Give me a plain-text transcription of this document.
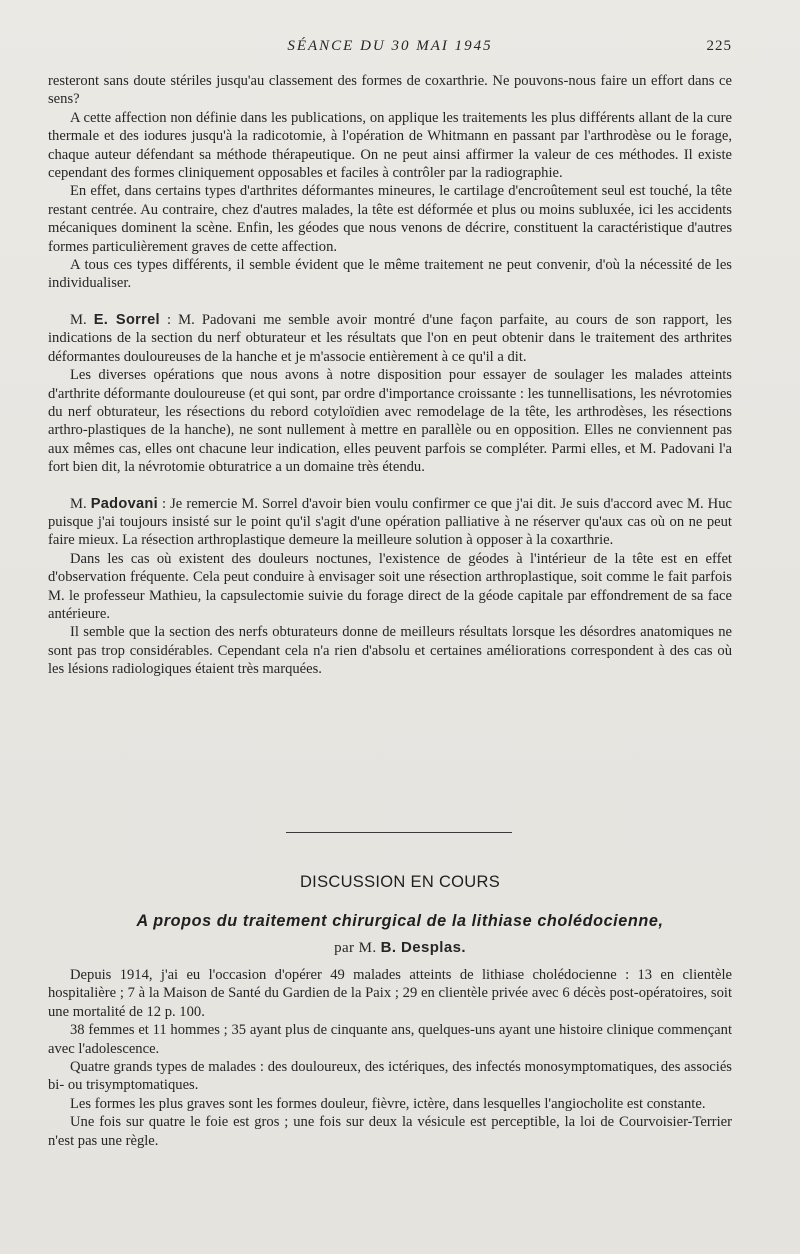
SÉANCE DU 30 MAI 1945	225

resteront sans doute stériles jusqu'au classement des formes de coxarthrie. Ne pouvons-nous faire un effort dans ce sens?

A cette affection non définie dans les publications, on applique les traitements les plus différents allant de la cure thermale et des iodures jusqu'à la radicotomie, à l'opération de Whitmann en passant par l'arthrodèse ou le forage, chaque auteur défendant sa méthode thérapeutique. On ne peut ainsi affirmer la valeur de ces méthodes. Il existe cependant des formes cliniquement opposables et faciles à contrôler par la radiographie.

En effet, dans certains types d'arthrites déformantes mineures, le cartilage d'encroûtement seul est touché, la tête restant centrée. Au contraire, chez d'autres malades, la tête est déformée et plus ou moins subluxée, ici les accidents mécaniques dominent la scène. Enfin, les géodes que nous venons de décrire, constituent la caractéristique d'autres formes particulièrement graves de cette affection.

A tous ces types différents, il semble évident que le même traitement ne peut convenir, d'où la nécessité de les individualiser.

M. E. Sorrel : M. Padovani me semble avoir montré d'une façon parfaite, au cours de son rapport, les indications de la section du nerf obturateur et les résultats que l'on en peut obtenir dans le traitement des arthrites déformantes douloureuses de la hanche et je m'associe entièrement à ce qu'il a dit.

Les diverses opérations que nous avons à notre disposition pour essayer de soulager les malades atteints d'arthrite déformante douloureuse (et qui sont, par ordre d'importance croissante : les tunnellisations, les névrotomies du nerf obturateur, les résections du rebord cotyloïdien avec remodelage de la tête, les arthrodèses, les résections arthro-plastiques de la hanche), ne sont nullement à mettre en parallèle ou en opposition. Elles ne conviennent pas aux mêmes cas, elles ont chacune leur indication, elles peuvent parfois se compléter. Parmi elles, et M. Padovani l'a fort bien dit, la névrotomie obturatrice a un domaine très étendu.

M. Padovani : Je remercie M. Sorrel d'avoir bien voulu confirmer ce que j'ai dit. Je suis d'accord avec M. Huc puisque j'ai toujours insisté sur le point qu'il s'agit d'une opération palliative à ne réserver qu'aux cas où on ne peut faire mieux. La résection arthroplastique demeure la meilleure solution à opposer à la coxarthrie.

Dans les cas où existent des douleurs noctunes, l'existence de géodes à l'intérieur de la tête est en effet d'observation fréquente. Cela peut conduire à envisager soit une résection arthroplastique, soit comme le fait parfois M. le professeur Mathieu, la capsulectomie suivie du forage direct de la géode capitale par effondrement de sa face antérieure.

Il semble que la section des nerfs obturateurs donne de meilleurs résultats lorsque les désordres anatomiques ne sont pas trop considérables. Cependant cela n'a rien d'absolu et certaines améliorations correspondent à des cas où les lésions radiologiques étaient très marquées.

DISCUSSION EN COURS
A propos du traitement chirurgical de la lithiase cholédocienne,
par M. B. Desplas.

Depuis 1914, j'ai eu l'occasion d'opérer 49 malades atteints de lithiase cholédocienne : 13 en clientèle hospitalière ; 7 à la Maison de Santé du Gardien de la Paix ; 29 en clientèle privée avec 6 décès post-opératoires, soit une mortalité de 12 p. 100.

38 femmes et 11 hommes ; 35 ayant plus de cinquante ans, quelques-uns ayant une histoire clinique commençant avec l'adolescence.

Quatre grands types de malades : des douloureux, des ictériques, des infectés monosymptomatiques, des associés bi- ou trisymptomatiques.

Les formes les plus graves sont les formes douleur, fièvre, ictère, dans lesquelles l'angiocholite est constante.

Une fois sur quatre le foie est gros ; une fois sur deux la vésicule est perceptible, la loi de Courvoisier-Terrier n'est pas une règle.
